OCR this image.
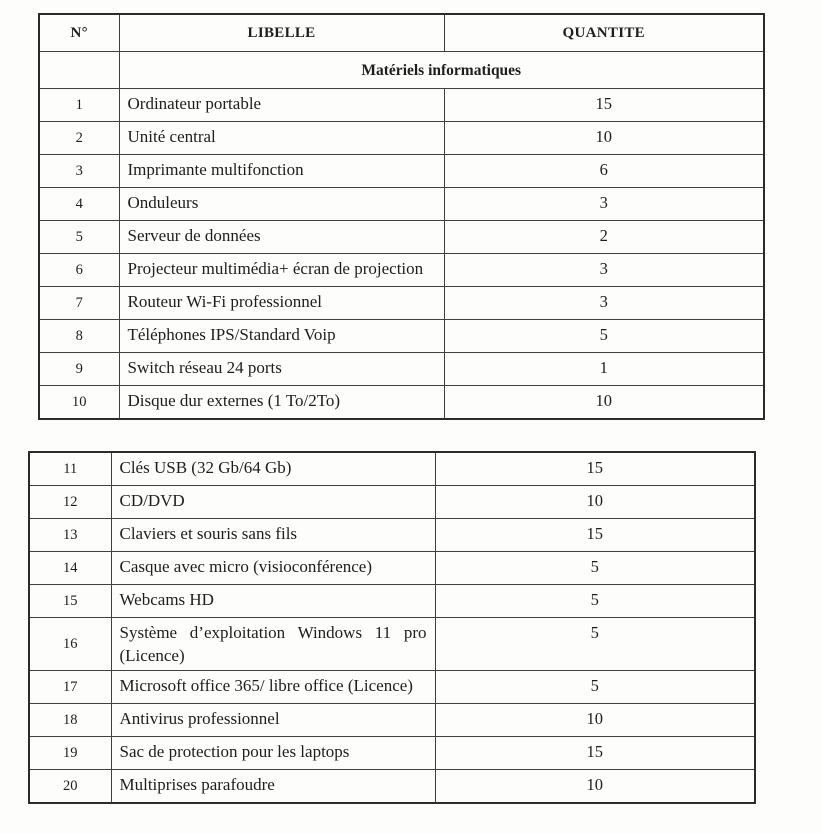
N°	LIBELLE	QUANTITE
	Matériels informatiques	
1	Ordinateur portable	15
2	Unité central	10
3	Imprimante multifonction	6
4	Onduleurs	3
5	Serveur de données	2
6	Projecteur multimédia+ écran de projection	3
7	Routeur Wi-Fi professionnel	3
8	Téléphones IPS/Standard Voip	5
9	Switch réseau 24 ports	1
10	Disque dur externes (1 To/2To)	10
11	Clés USB (32 Gb/64 Gb)	15
12	CD/DVD	10
13	Claviers et souris sans fils	15
14	Casque avec micro (visioconférence)	5
15	Webcams HD	5
16	Système d’exploitation Windows 11 pro (Licence)	5
17	Microsoft office 365/ libre office (Licence)	5
18	Antivirus professionnel	10
19	Sac de protection pour les laptops	15
20	Multiprises parafoudre	10
